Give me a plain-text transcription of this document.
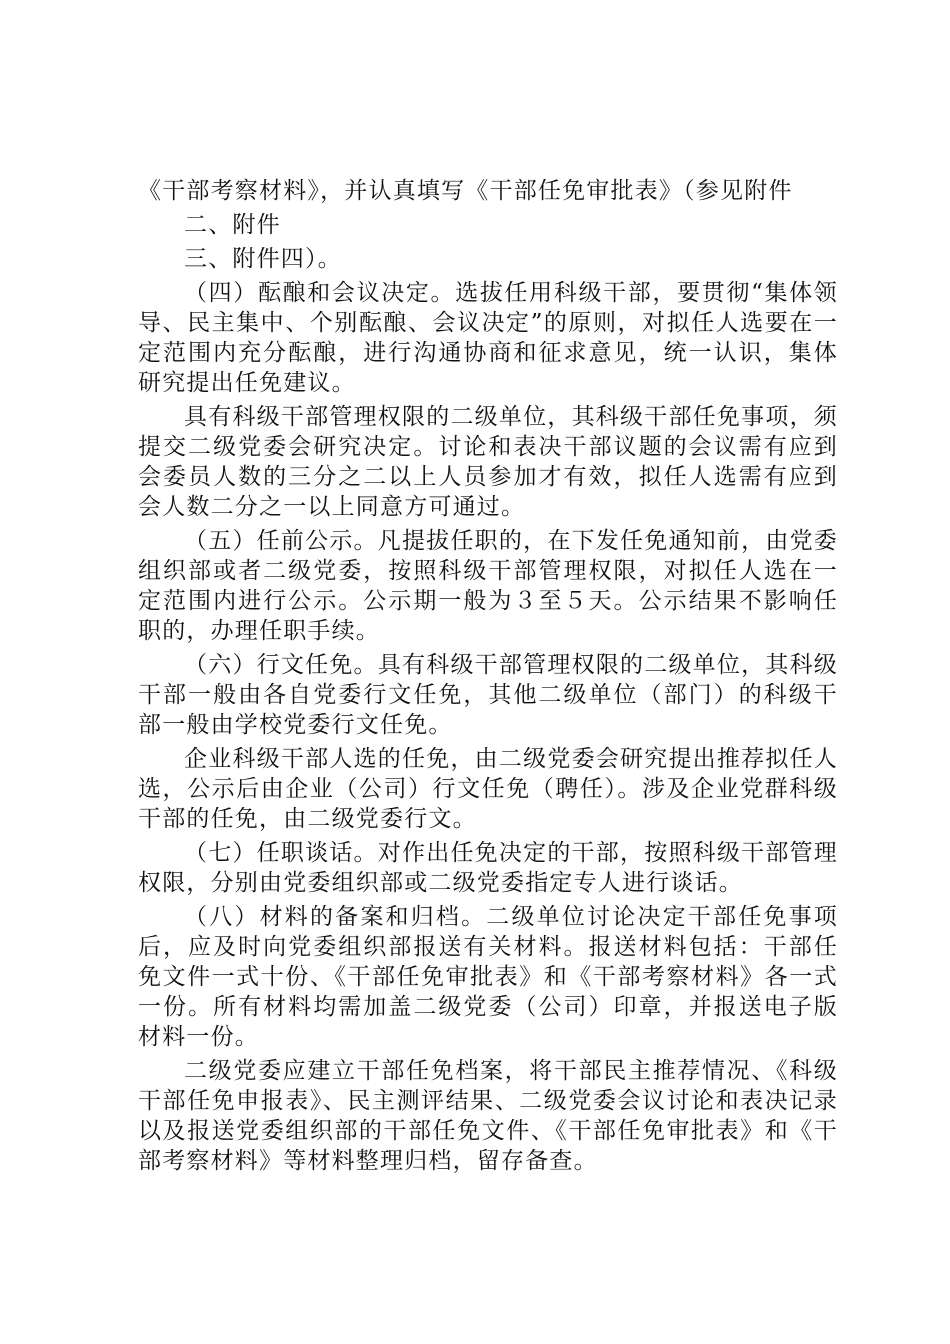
《干部考察材料》，并认真填写《干部任免审批表》（参见附件

二、附件

三、附件四）。

（四）酝酿和会议决定。选拔任用科级干部，要贯彻“集体领导、民主集中、个别酝酿、会议决定”的原则，对拟任人选要在一定范围内充分酝酿，进行沟通协商和征求意见，统一认识，集体研究提出任免建议。

具有科级干部管理权限的二级单位，其科级干部任免事项，须提交二级党委会研究决定。讨论和表决干部议题的会议需有应到会委员人数的三分之二以上人员参加才有效，拟任人选需有应到会人数二分之一以上同意方可通过。

（五）任前公示。凡提拔任职的，在下发任免通知前，由党委组织部或者二级党委，按照科级干部管理权限，对拟任人选在一定范围内进行公示。公示期一般为３至５天。公示结果不影响任职的，办理任职手续。

（六）行文任免。具有科级干部管理权限的二级单位，其科级干部一般由各自党委行文任免，其他二级单位（部门）的科级干部一般由学校党委行文任免。

企业科级干部人选的任免，由二级党委会研究提出推荐拟任人选，公示后由企业（公司）行文任免（聘任）。涉及企业党群科级干部的任免，由二级党委行文。

（七）任职谈话。对作出任免决定的干部，按照科级干部管理权限，分别由党委组织部或二级党委指定专人进行谈话。

（八）材料的备案和归档。二级单位讨论决定干部任免事项后，应及时向党委组织部报送有关材料。报送材料包括：干部任免文件一式十份、《干部任免审批表》和《干部考察材料》各一式一份。所有材料均需加盖二级党委（公司）印章，并报送电子版材料一份。

二级党委应建立干部任免档案，将干部民主推荐情况、《科级干部任免申报表》、民主测评结果、二级党委会议讨论和表决记录以及报送党委组织部的干部任免文件、《干部任免审批表》和《干部考察材料》等材料整理归档，留存备查。
